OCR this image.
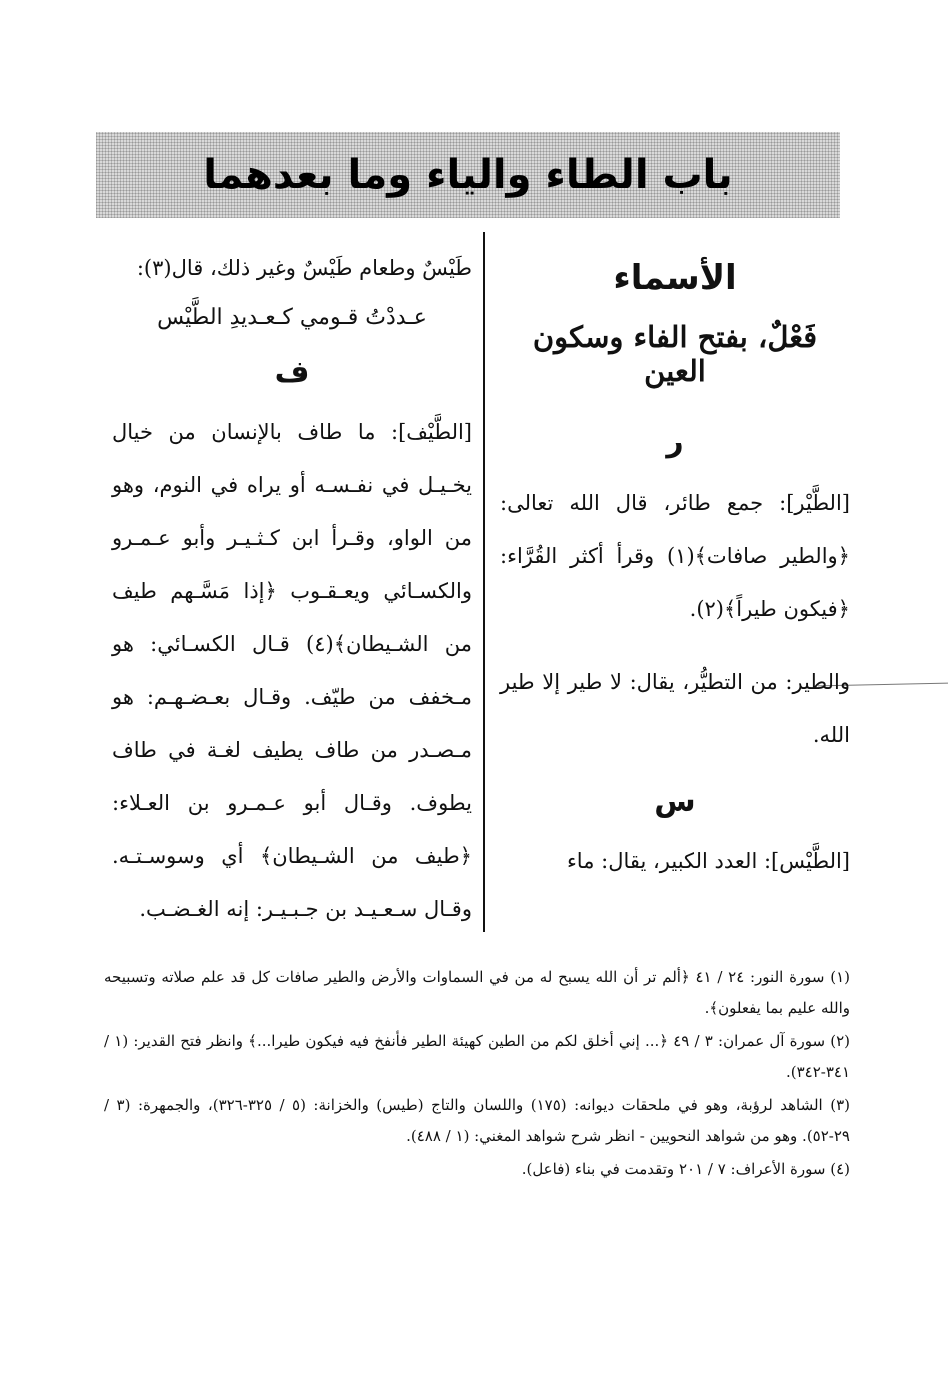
باب الطاء والياء وما بعدهما

الأسماء

فَعْلٌ، بفتح الفاء وسكون العين

ر

[الطَّيْر]: جمع طائر، قال الله تعالى: ﴿والطير صافات﴾(١) وقرأ أكثر القُرَّاء: ﴿فيكون طيراً﴾(٢).

والطير: من التطيُّر، يقال: لا طير إلا طير الله.

س

[الطَّيْس]: العدد الكبير، يقال: ماء

طَيْسٌ وطعام طَيْسٌ وغير ذلك، قال(٣):

عـددْتُ قـومي كـعـديدِ الطَّيْس

ف

[الطَّيْف]: ما طاف بالإنسان من خيال يخـيـل في نفـسـه أو يراه في النوم، وهو من الواو، وقـرأ ابن كـثـيـر وأبو عـمـرو والكسـائي ويعـقـوب ﴿إذا مَسَّـهم طيف من الشـيطان﴾(٤) قـال الكسـائي: هو مـخفف من طيّف. وقـال بعـضـهـم: هو مـصـدر من طاف يطيف لغـة في طاف يطوف. وقـال أبو عـمـرو بن العـلاء: ﴿طيف من الشـيطان﴾ أي وسوسـتـه. وقـال سـعـيـد بن جـبـيـر: إنه الغـضـب.

(١) سورة النور: ٢٤ / ٤١ ﴿ألم تر أن الله يسبح له من في السماوات والأرض والطير صافات كل قد علم صلاته وتسبيحه والله عليم بما يفعلون﴾.

(٢) سورة آل عمران: ٣ / ٤٩ ﴿... إني أخلق لكم من الطين كهيئة الطير فأنفخ فيه فيكون طيرا...﴾ وانظر فتح القدير: (١ / ٣٤١-٣٤٢).

(٣) الشاهد لرؤبة، وهو في ملحقات ديوانه: (١٧٥) واللسان والتاج (طيس) والخزانة: (٥ / ٣٢٥-٣٢٦)، والجمهرة: (٣ / ٢٩-٥٢). وهو من شواهد النحويين - انظر شرح شواهد المغني: (١ / ٤٨٨).

(٤) سورة الأعراف: ٧ / ٢٠١ وتقدمت في بناء (فاعل).
